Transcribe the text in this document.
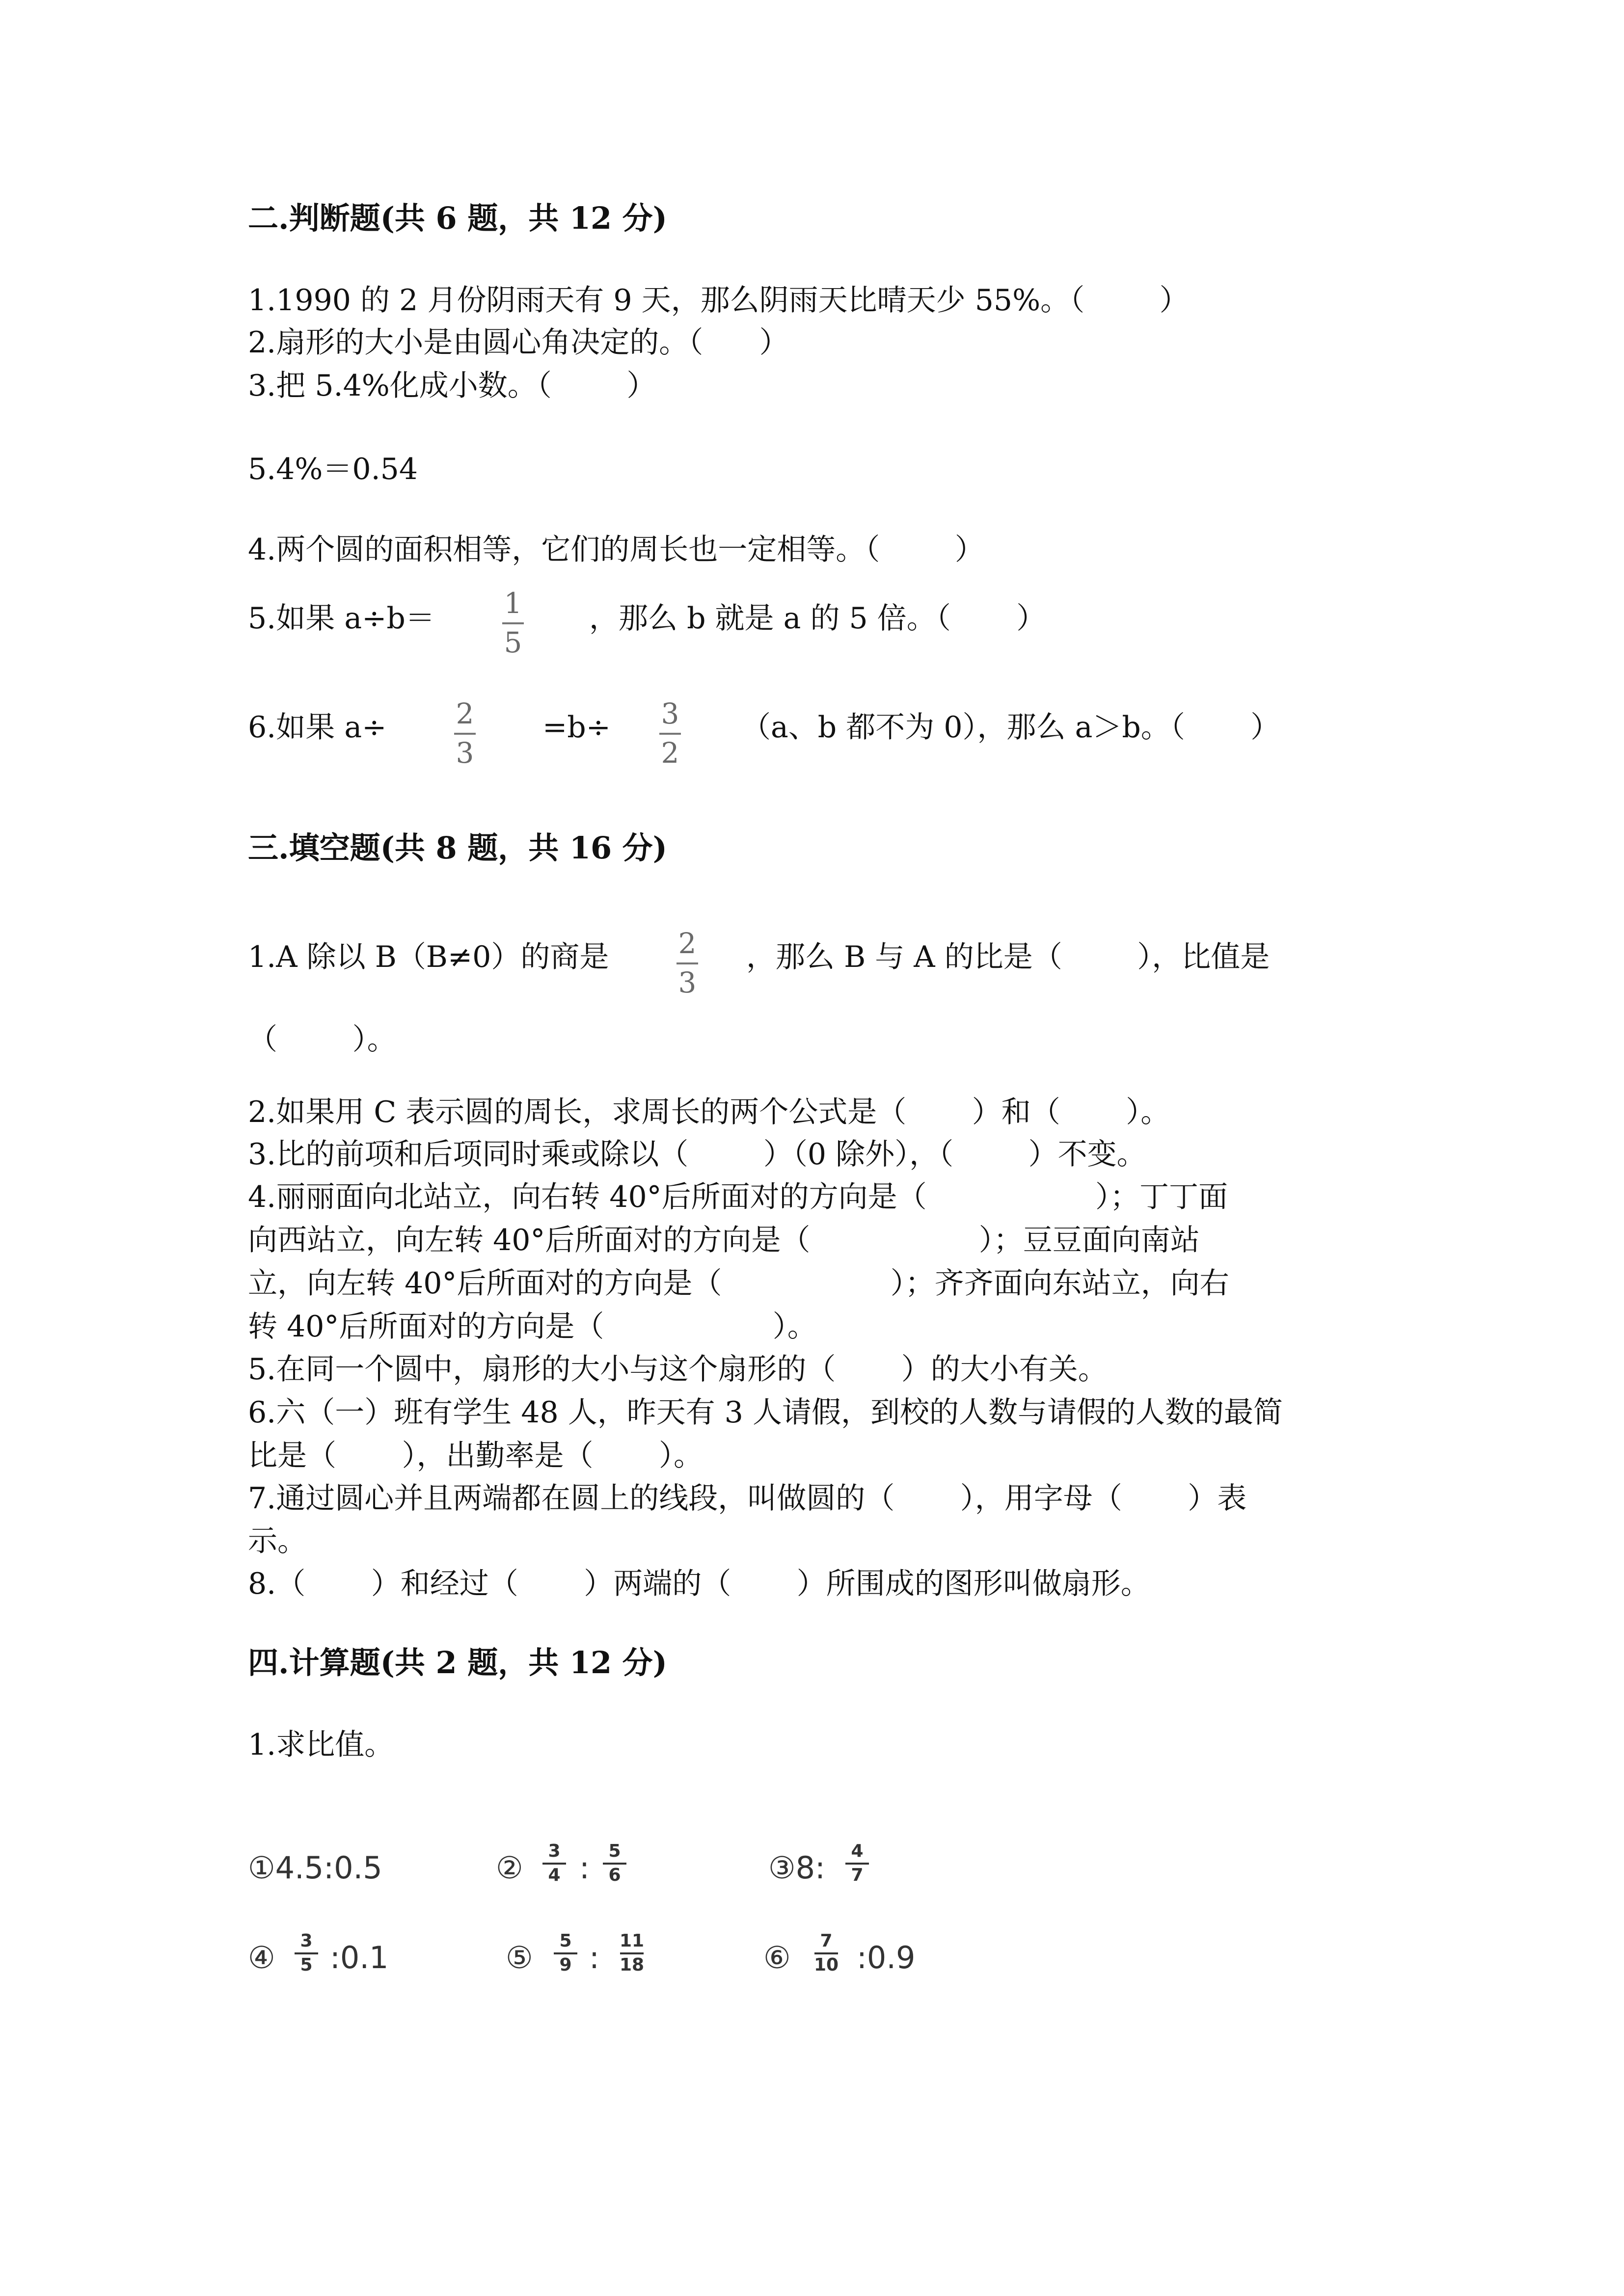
二.判断题(共 6 题，共 12 分)
1.1990 的 2 月份阴雨天有 9 天，那么阴雨天比晴天少 55%。（        ）
2.扇形的大小是由圆心角决定的。（      ）
3.把 5.4%化成小数。（        ）
5.4%＝0.54
4.两个圆的面积相等，它们的周长也一定相等。（        ）
5.如果 a÷b＝ 1
5
，那么 b 就是 a 的 5 倍。（       ）
6.如果 a÷ 2
3
=b÷ 3
2
（a、b 都不为 0），那么 a＞b。（       ）
三.填空题(共 8 题，共 16 分)
1.A 除以 B（B≠0）的商是 2
3
，那么 B 与 A 的比是（        ），比值是
（        ）。
2.如果用 C 表示圆的周长，求周长的两个公式是（       ）和（       ）。
3.比的前项和后项同时乘或除以（        ）（0 除外），（        ）不变。
4.丽丽面向北站立，向右转 40°后所面对的方向是（                  ）；丁丁面
向西站立，向左转 40°后所面对的方向是（                  ）；豆豆面向南站
立，向左转 40°后所面对的方向是（                  ）；齐齐面向东站立，向右
转 40°后所面对的方向是（                  ）。
5.在同一个圆中，扇形的大小与这个扇形的（       ）的大小有关。
6.六（一）班有学生 48 人，昨天有 3 人请假，到校的人数与请假的人数的最简
比是（       ），出勤率是（       ）。
7.通过圆心并且两端都在圆上的线段，叫做圆的（       ），用字母（       ）表
示。
8.（       ）和经过（       ）两端的（       ）所围成的图形叫做扇形。
四.计算题(共 2 题，共 12 分)
1.求比值。
①4.5:0.5	② 3
4 : 5
6	③8: 4
7
④ 3
5 :0.1	⑤ 5
9 : 11
18	⑥ 7
10 :0.9
